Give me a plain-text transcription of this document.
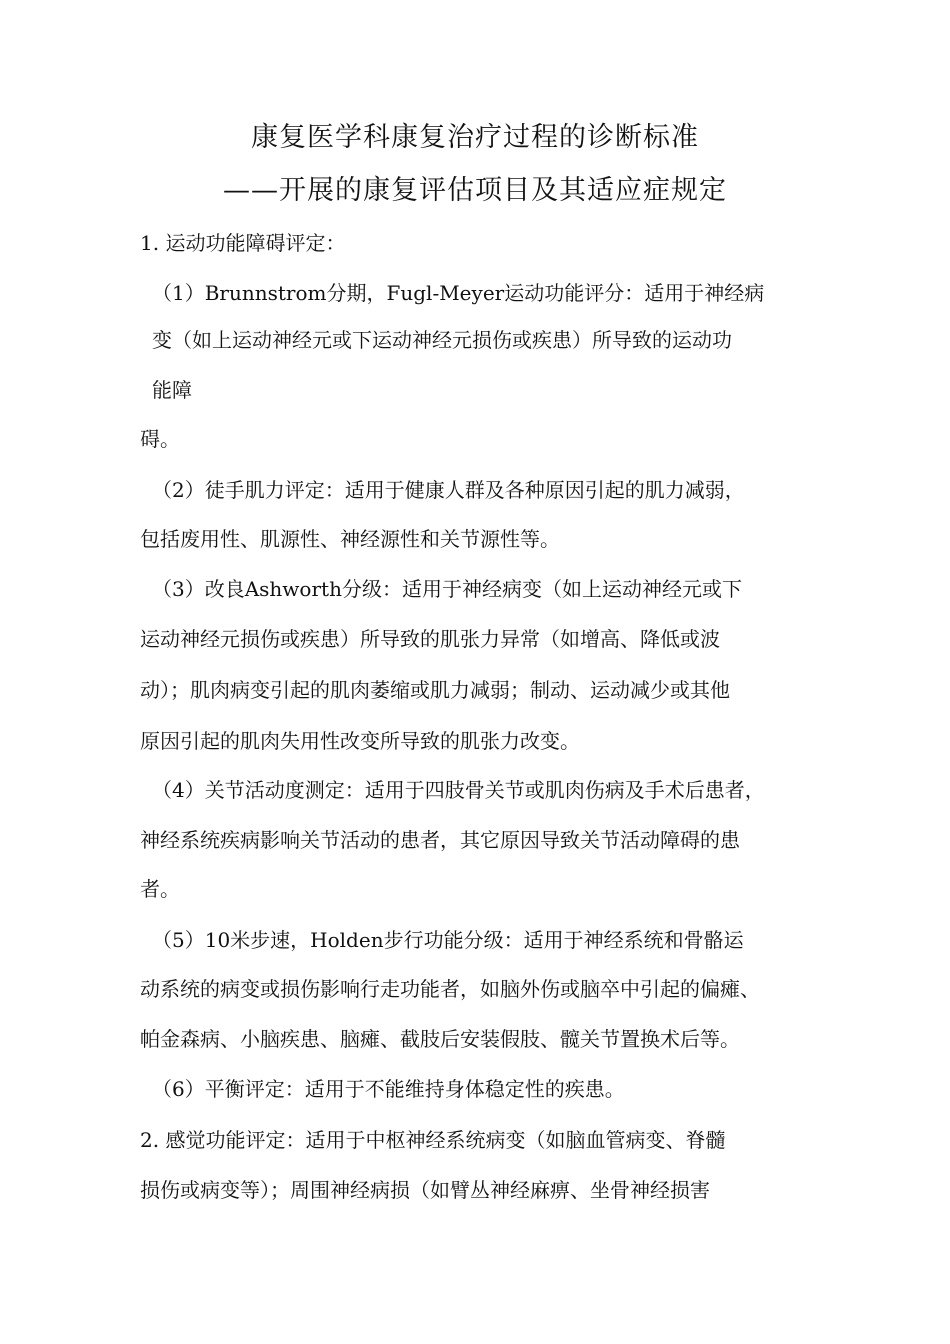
康复医学科康复治疗过程的诊断标准
——开展的康复评估项目及其适应症规定
1. 运动功能障碍评定：
（1）Brunnstrom分期，Fugl-Meyer运动功能评分：适用于神经病
变（如上运动神经元或下运动神经元损伤或疾患）所导致的运动功
能障
碍。
（2）徒手肌力评定：适用于健康人群及各种原因引起的肌力减弱，
包括废用性、肌源性、神经源性和关节源性等。
（3）改良Ashworth分级：适用于神经病变（如上运动神经元或下
运动神经元损伤或疾患）所导致的肌张力异常（如增高、降低或波
动）；肌肉病变引起的肌肉萎缩或肌力减弱；制动、运动减少或其他
原因引起的肌肉失用性改变所导致的肌张力改变。
（4）关节活动度测定：适用于四肢骨关节或肌肉伤病及手术后患者，
神经系统疾病影响关节活动的患者，其它原因导致关节活动障碍的患
者。
（5）10米步速，Holden步行功能分级：适用于神经系统和骨骼运
动系统的病变或损伤影响行走功能者，如脑外伤或脑卒中引起的偏瘫、
帕金森病、小脑疾患、脑瘫、截肢后安装假肢、髋关节置换术后等。
（6）平衡评定：适用于不能维持身体稳定性的疾患。
2. 感觉功能评定：适用于中枢神经系统病变（如脑血管病变、脊髓
损伤或病变等）；周围神经病损（如臂丛神经麻痹、坐骨神经损害
